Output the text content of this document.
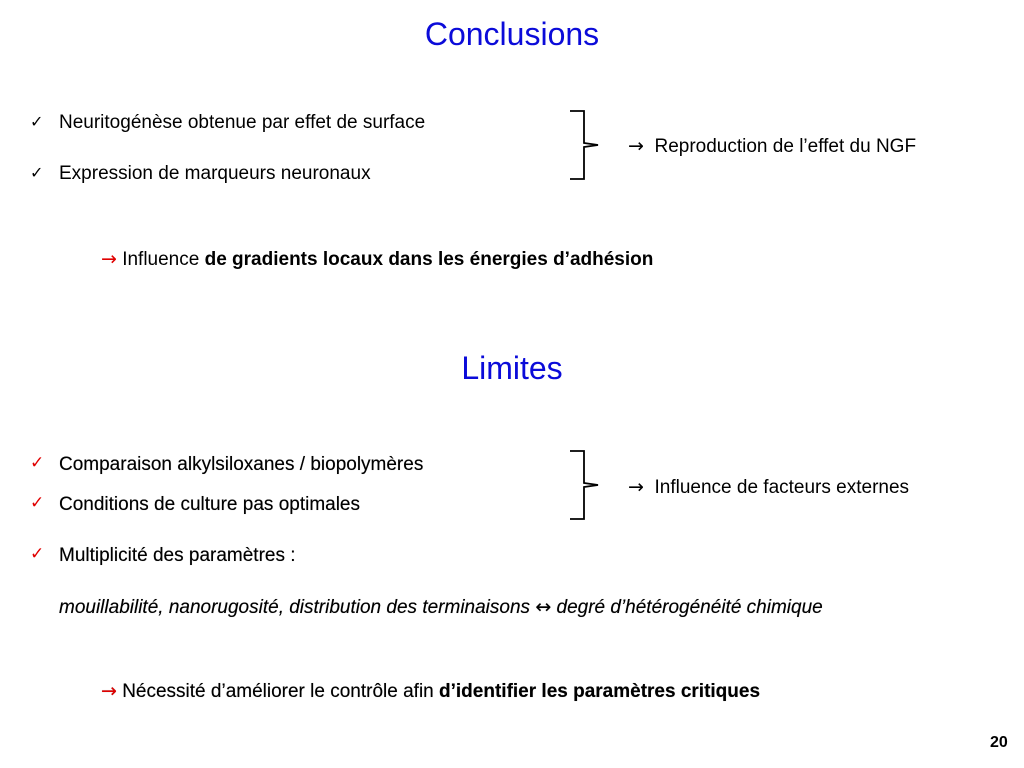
Conclusions
✓ Neuritogénèse obtenue par effet de surface
✓ Expression de marqueurs neuronaux
→ Reproduction de l’effet du NGF
→ Influence de gradients locaux dans les énergies d’adhésion
Limites
✓ Comparaison alkylsiloxanes / biopolymères
✓ Conditions de culture pas optimales
✓ Multiplicité des paramètres :
→ Influence de facteurs externes
mouillabilité, nanorugosité, distribution des terminaisons ↔ degré d’hétérogénéité chimique
→ Nécessité d’améliorer le contrôle afin d’identifier les paramètres critiques
20
